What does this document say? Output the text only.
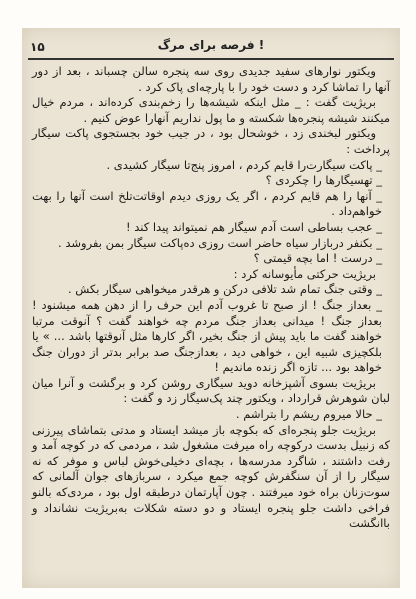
۱۵	فرصه برای مرگ !

ویکتور نوارهای سفید جدیدی روی سه پنجره سالن چسباند ، بعد از دور آنها را تماشا کرد و دست خود را با پارچه‌ای پاک کرد .

بریژیت گفت : _ مثل اینکه شیشه‌ها را زخم‌بندی کرده‌اند ، مردم خیال میکنند شیشه‌ پنجره‌ها شکسته و ما پول نداریم آنهارا عوض کنیم .

ویکتور لبخندی زد ، خوشحال بود ، در جیب خود بجستجوی پاکت سیگار پرداخت :

_ پاکت سیگارت‌را قایم کردم ، امروز پنج‌تا سیگار کشیدی .

_ تهسیگارها را چکردی ؟

_ آنها را هم قایم کردم ، اگر یک روزی دیدم اوقاتت‌تلخ است آنها را بهت خواهم‌داد .

_ عجب بساطی است آدم سیگار هم نمیتواند پیدا کند !

_ بکنفر دربازار سیاه حاضر است روزی ده‌پاکت سیگار بمن بفروشد .

_ درست ! اما بچه قیمتی ؟

بریژیت حرکتی مأیوسانه کرد :

_ وقتی جنگ تمام شد تلافی درکن و هرقدر میخواهی سیگار بکش .

_ بعداز جنگ ! از صبح تا غروب آدم این حرف را از دهن همه میشنود ! بعداز جنگ ! میدانی بعداز جنگ مردم چه خواهند گفت ؟ آنوقت مرتبا خواهند گفت ما باید پیش از جنگ بخیر، اگر کارها مثل آنوقتها باشد ... » یا بلکچیزی شبیه این ، خواهی دید ، بعدازجنگ صد برابر بدتر از دوران جنگ خواهد بود ... تازه اگر زنده ماندیم !

بریژیت بسوی آشپزخانه دوید سیگاری روشن کرد و برگشت و آنرا میان لبان شوهرش قرارداد ، ویکتور چند پک‌سیگار زد و گفت :

_ حالا میروم ریشم را بتراشم .

بریژیت جلو پنجره‌ای که بکوچه باز میشد ایستاد و مدتی بتماشای پیرزنی که زنبیل بدست درکوچه راه میرفت مشغول شد ، مردمی که در کوچه آمد و رفت داشتند ، شاگرد مدرسه‌ها ، بچه‌ای دخیلی‌خوش لباس و موفر که نه سیگار را از آن سنگفرش کوچه جمع میکرد ، سربازهای جوان آلمانی که سوت‌زنان براه خود میرفتند . چون آپارتمان درطبقه اول بود ، مردی‌که بالنو فراخی داشت جلو پنجره ایستاد و دو دسته شکلات به‌بریژیت نشانداد و باانگشت
